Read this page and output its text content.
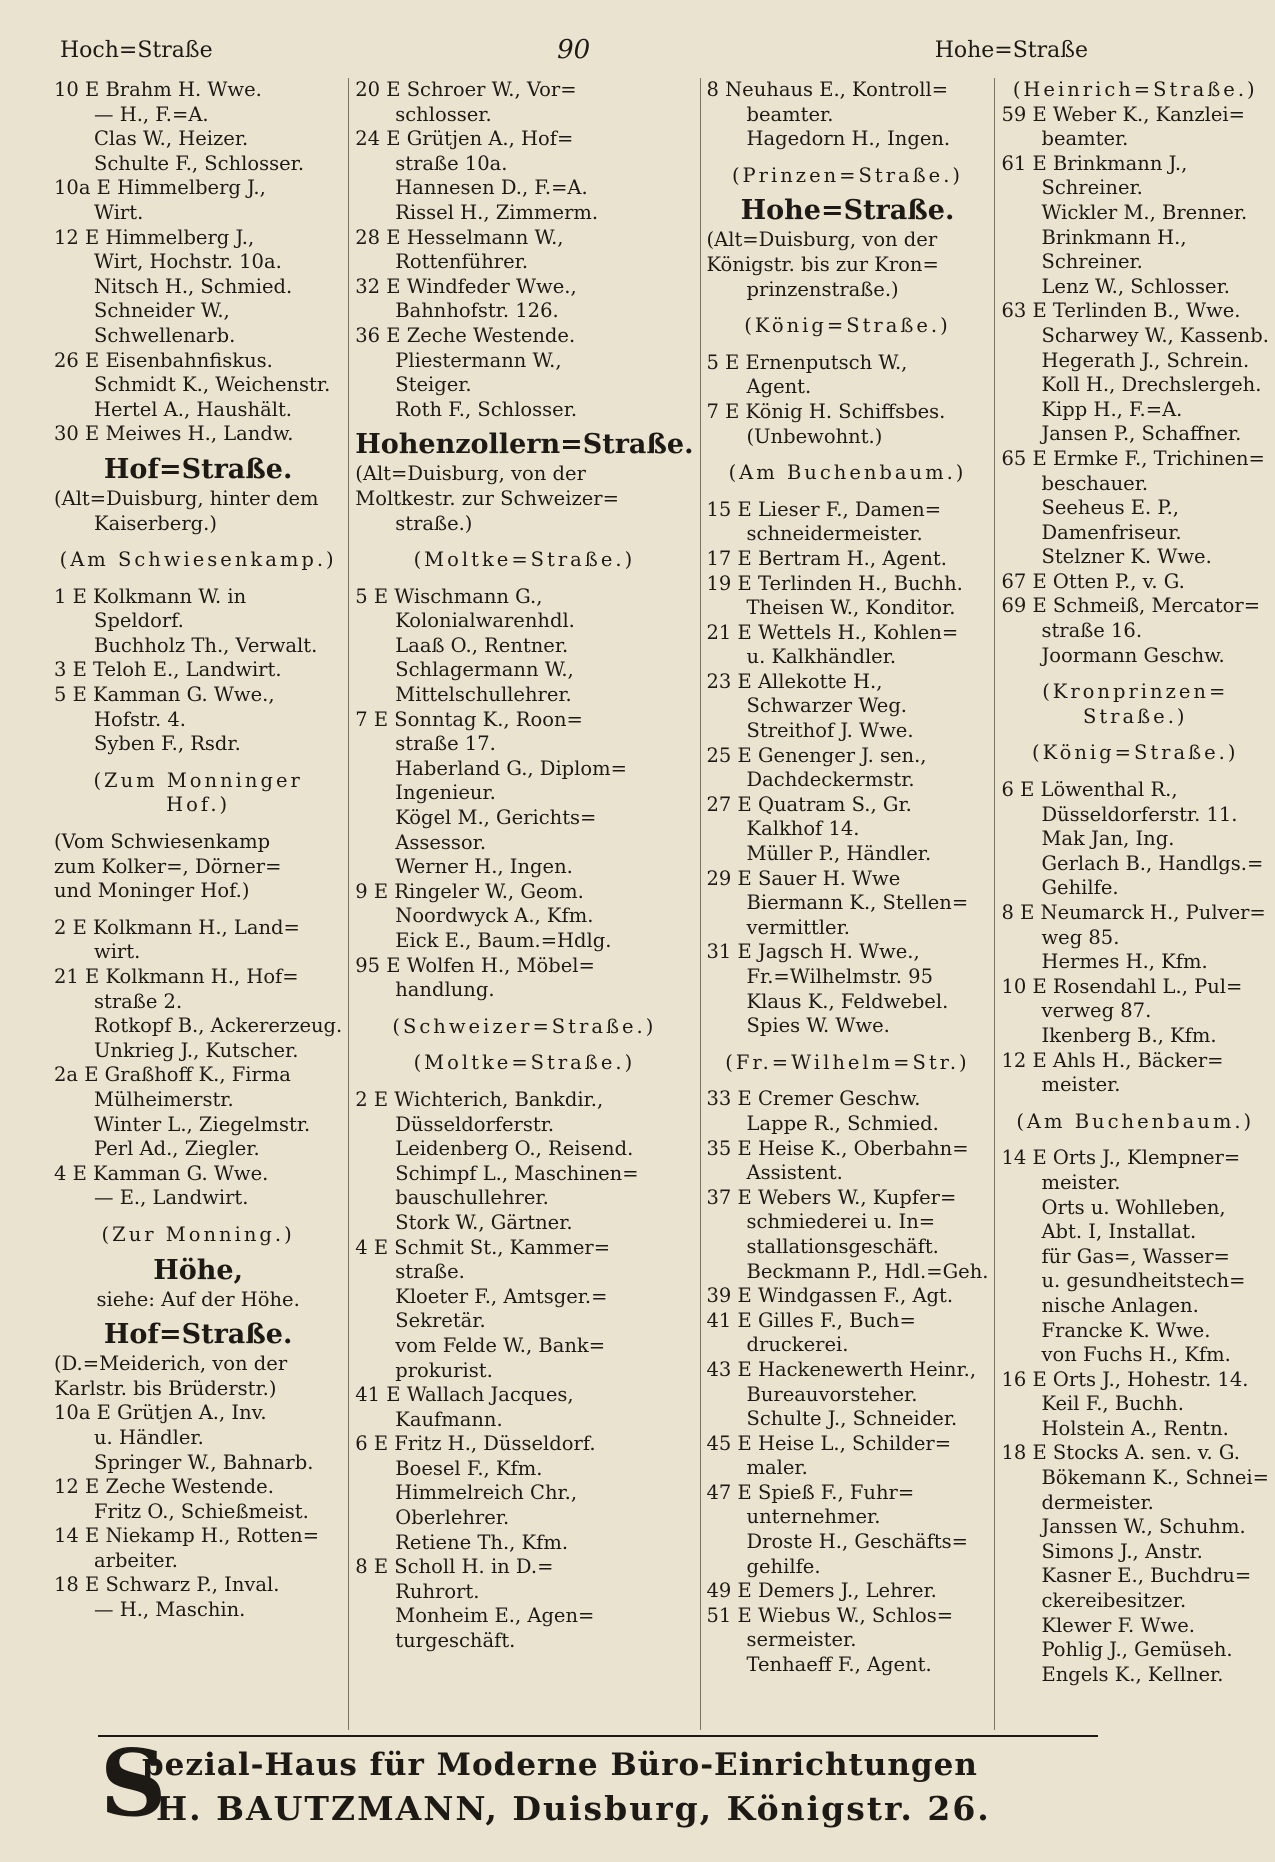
Hoch=Straße	90	Hohe=Straße
10 E Brahm H. Wwe.
— H., F.=A.
Clas W., Heizer.
Schulte F., Schlosser.
10a E Himmelberg J.,
Wirt.
12 E Himmelberg J.,
Wirt, Hochstr. 10a.
Nitsch H., Schmied.
Schneider W.,
Schwellenarb.
26 E Eisenbahnfiskus.
Schmidt K., Weichenstr.
Hertel A., Haushält.
30 E Meiwes H., Landw.
Hof=Straße.
(Alt=Duisburg, hinter dem
Kaiserberg.)
(Am Schwiesenkamp.)
1 E Kolkmann W. in
Speldorf.
Buchholz Th., Verwalt.
3 E Teloh E., Landwirt.
5 E Kamman G. Wwe.,
Hofstr. 4.
Syben F., Rsdr.
(Zum Monninger
Hof.)
(Vom Schwiesenkamp
zum Kolker=, Dörner=
und Moninger Hof.)
2 E Kolkmann H., Land=
wirt.
21 E Kolkmann H., Hof=
straße 2.
Rotkopf B., Ackererzeug.
Unkrieg J., Kutscher.
2a E Graßhoff K., Firma
Mülheimerstr.
Winter L., Ziegelmstr.
Perl Ad., Ziegler.
4 E Kamman G. Wwe.
— E., Landwirt.
(Zur Monning.)
Höhe,
siehe: Auf der Höhe.
Hof=Straße.
(D.=Meiderich, von der
Karlstr. bis Brüderstr.)
10a E Grütjen A., Inv.
u. Händler.
Springer W., Bahnarb.
12 E Zeche Westende.
Fritz O., Schießmeist.
14 E Niekamp H., Rotten=
arbeiter.
18 E Schwarz P., Inval.
— H., Maschin.
20 E Schroer W., Vor=
schlosser.
24 E Grütjen A., Hof=
straße 10a.
Hannesen D., F.=A.
Rissel H., Zimmerm.
28 E Hesselmann W.,
Rottenführer.
32 E Windfeder Wwe.,
Bahnhofstr. 126.
36 E Zeche Westende.
Pliestermann W.,
Steiger.
Roth F., Schlosser.
Hohenzollern=Straße.
(Alt=Duisburg, von der
Moltkestr. zur Schweizer=
straße.)
(Moltke=Straße.)
5 E Wischmann G.,
Kolonialwarenhdl.
Laaß O., Rentner.
Schlagermann W.,
Mittelschullehrer.
7 E Sonntag K., Roon=
straße 17.
Haberland G., Diplom=
Ingenieur.
Kögel M., Gerichts=
Assessor.
Werner H., Ingen.
9 E Ringeler W., Geom.
Noordwyck A., Kfm.
Eick E., Baum.=Hdlg.
95 E Wolfen H., Möbel=
handlung.
(Schweizer=Straße.)
(Moltke=Straße.)
2 E Wichterich, Bankdir.,
Düsseldorferstr.
Leidenberg O., Reisend.
Schimpf L., Maschinen=
bauschullehrer.
Stork W., Gärtner.
4 E Schmit St., Kammer=
straße.
Kloeter F., Amtsger.=
Sekretär.
vom Felde W., Bank=
prokurist.
41 E Wallach Jacques,
Kaufmann.
6 E Fritz H., Düsseldorf.
Boesel F., Kfm.
Himmelreich Chr.,
Oberlehrer.
Retiene Th., Kfm.
8 E Scholl H. in D.=
Ruhrort.
Monheim E., Agen=
turgeschäft.
8 Neuhaus E., Kontroll=
beamter.
Hagedorn H., Ingen.
(Prinzen=Straße.)
Hohe=Straße.
(Alt=Duisburg, von der
Königstr. bis zur Kron=
prinzenstraße.)
(König=Straße.)
5 E Ernenputsch W.,
Agent.
7 E König H. Schiffsbes.
(Unbewohnt.)
(Am Buchenbaum.)
15 E Lieser F., Damen=
schneidermeister.
17 E Bertram H., Agent.
19 E Terlinden H., Buchh.
Theisen W., Konditor.
21 E Wettels H., Kohlen=
u. Kalkhändler.
23 E Allekotte H.,
Schwarzer Weg.
Streithof J. Wwe.
25 E Genenger J. sen.,
Dachdeckermstr.
27 E Quatram S., Gr.
Kalkhof 14.
Müller P., Händler.
29 E Sauer H. Wwe
Biermann K., Stellen=
vermittler.
31 E Jagsch H. Wwe.,
Fr.=Wilhelmstr. 95
Klaus K., Feldwebel.
Spies W. Wwe.
(Fr.=Wilhelm=Str.)
33 E Cremer Geschw.
Lappe R., Schmied.
35 E Heise K., Oberbahn=
Assistent.
37 E Webers W., Kupfer=
schmiederei u. In=
stallationsgeschäft.
Beckmann P., Hdl.=Geh.
39 E Windgassen F., Agt.
41 E Gilles F., Buch=
druckerei.
43 E Hackenewerth Heinr.,
Bureauvorsteher.
Schulte J., Schneider.
45 E Heise L., Schilder=
maler.
47 E Spieß F., Fuhr=
unternehmer.
Droste H., Geschäfts=
gehilfe.
49 E Demers J., Lehrer.
51 E Wiebus W., Schlos=
sermeister.
Tenhaeff F., Agent.
(Heinrich=Straße.)
59 E Weber K., Kanzlei=
beamter.
61 E Brinkmann J.,
Schreiner.
Wickler M., Brenner.
Brinkmann H.,
Schreiner.
Lenz W., Schlosser.
63 E Terlinden B., Wwe.
Scharwey W., Kassenb.
Hegerath J., Schrein.
Koll H., Drechslergeh.
Kipp H., F.=A.
Jansen P., Schaffner.
65 E Ermke F., Trichinen=
beschauer.
Seeheus E. P.,
Damenfriseur.
Stelzner K. Wwe.
67 E Otten P., v. G.
69 E Schmeiß, Mercator=
straße 16.
Joormann Geschw.
(Kronprinzen=
Straße.)
(König=Straße.)
6 E Löwenthal R.,
Düsseldorferstr. 11.
Mak Jan, Ing.
Gerlach B., Handlgs.=
Gehilfe.
8 E Neumarck H., Pulver=
weg 85.
Hermes H., Kfm.
10 E Rosendahl L., Pul=
verweg 87.
Ikenberg B., Kfm.
12 E Ahls H., Bäcker=
meister.
(Am Buchenbaum.)
14 E Orts J., Klempner=
meister.
Orts u. Wohlleben,
Abt. I, Installat.
für Gas=, Wasser=
u. gesundheitstech=
nische Anlagen.
Francke K. Wwe.
von Fuchs H., Kfm.
16 E Orts J., Hohestr. 14.
Keil F., Buchh.
Holstein A., Rentn.
18 E Stocks A. sen. v. G.
Bökemann K., Schnei=
dermeister.
Janssen W., Schuhm.
Simons J., Anstr.
Kasner E., Buchdru=
ckereibesitzer.
Klewer F. Wwe.
Pohlig J., Gemüseh.
Engels K., Kellner.
S
pezial-Haus für Moderne Büro-Einrichtungen
H. BAUTZMANN, Duisburg, Königstr. 26.
